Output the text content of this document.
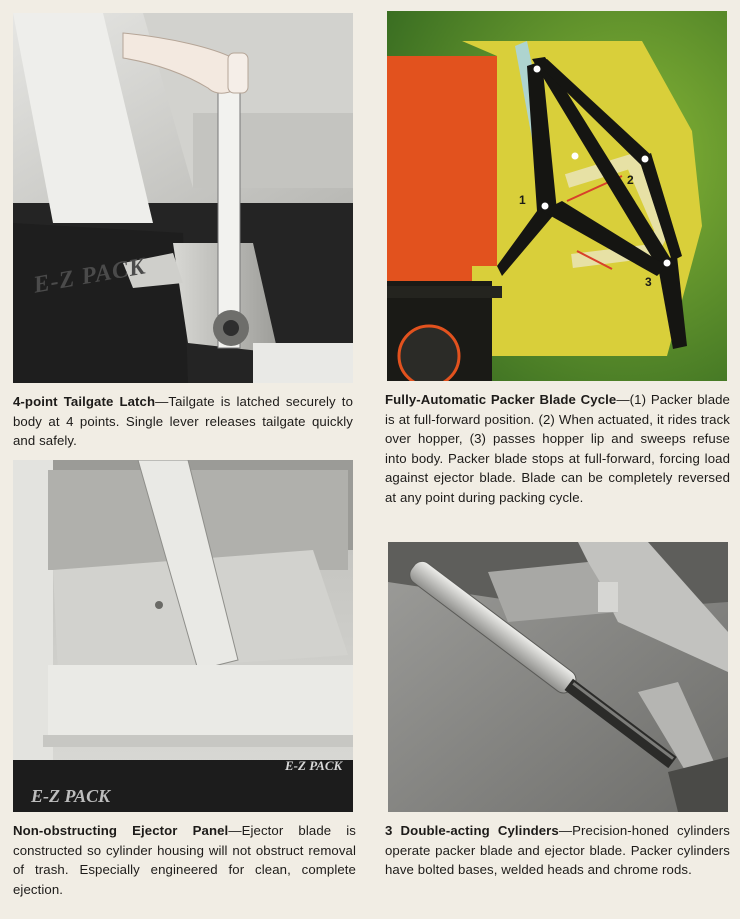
E-Z PACK
4-point Tailgate Latch—Tailgate is latched securely to body at 4 points. Single lever releases tailgate quickly and safely.
1
2
3
Fully-Automatic Packer Blade Cycle—(1) Packer blade is at full-forward position. (2) When actuated, it rides track over hopper, (3) passes hopper lip and sweeps refuse into body. Packer blade stops at full-forward, forcing load against ejector blade. Blade can be completely reversed at any point during packing cycle.
E-Z PACK
E-Z PACK
Non-obstructing Ejector Panel—Ejector blade is constructed so cylinder housing will not obstruct removal of trash. Especially engineered for clean, complete ejection.
3 Double-acting Cylinders—Precision-honed cylinders operate packer blade and ejector blade. Packer cylinders have bolted bases, welded heads and chrome rods.
